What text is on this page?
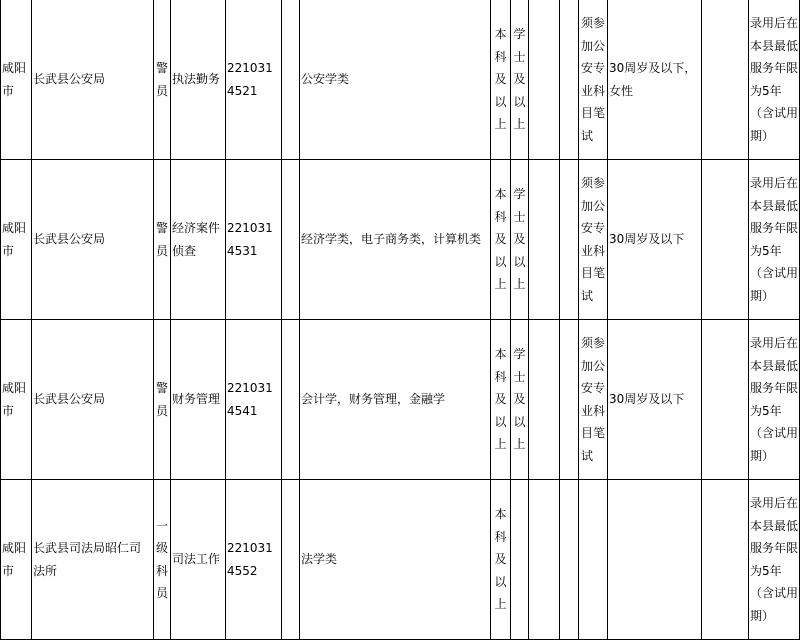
咸阳市	长武县公安局	警员	执法勤务	2210314521		公安学类	本科及以上	学士及以上			须参加公安专业科目笔试	30周岁及以下，女性		录用后在本县最低服务年限为5年（含试用期）
咸阳市	长武县公安局	警员	经济案件侦查	2210314531		经济学类，电子商务类，计算机类	本科及以上	学士及以上			须参加公安专业科目笔试	30周岁及以下		录用后在本县最低服务年限为5年（含试用期）
咸阳市	长武县公安局	警员	财务管理	2210314541		会计学，财务管理，金融学	本科及以上	学士及以上			须参加公安专业科目笔试	30周岁及以下		录用后在本县最低服务年限为5年（含试用期）
咸阳市	长武县司法局昭仁司法所	一级科员	司法工作	2210314552		法学类	本科及以上							录用后在本县最低服务年限为5年（含试用期）
